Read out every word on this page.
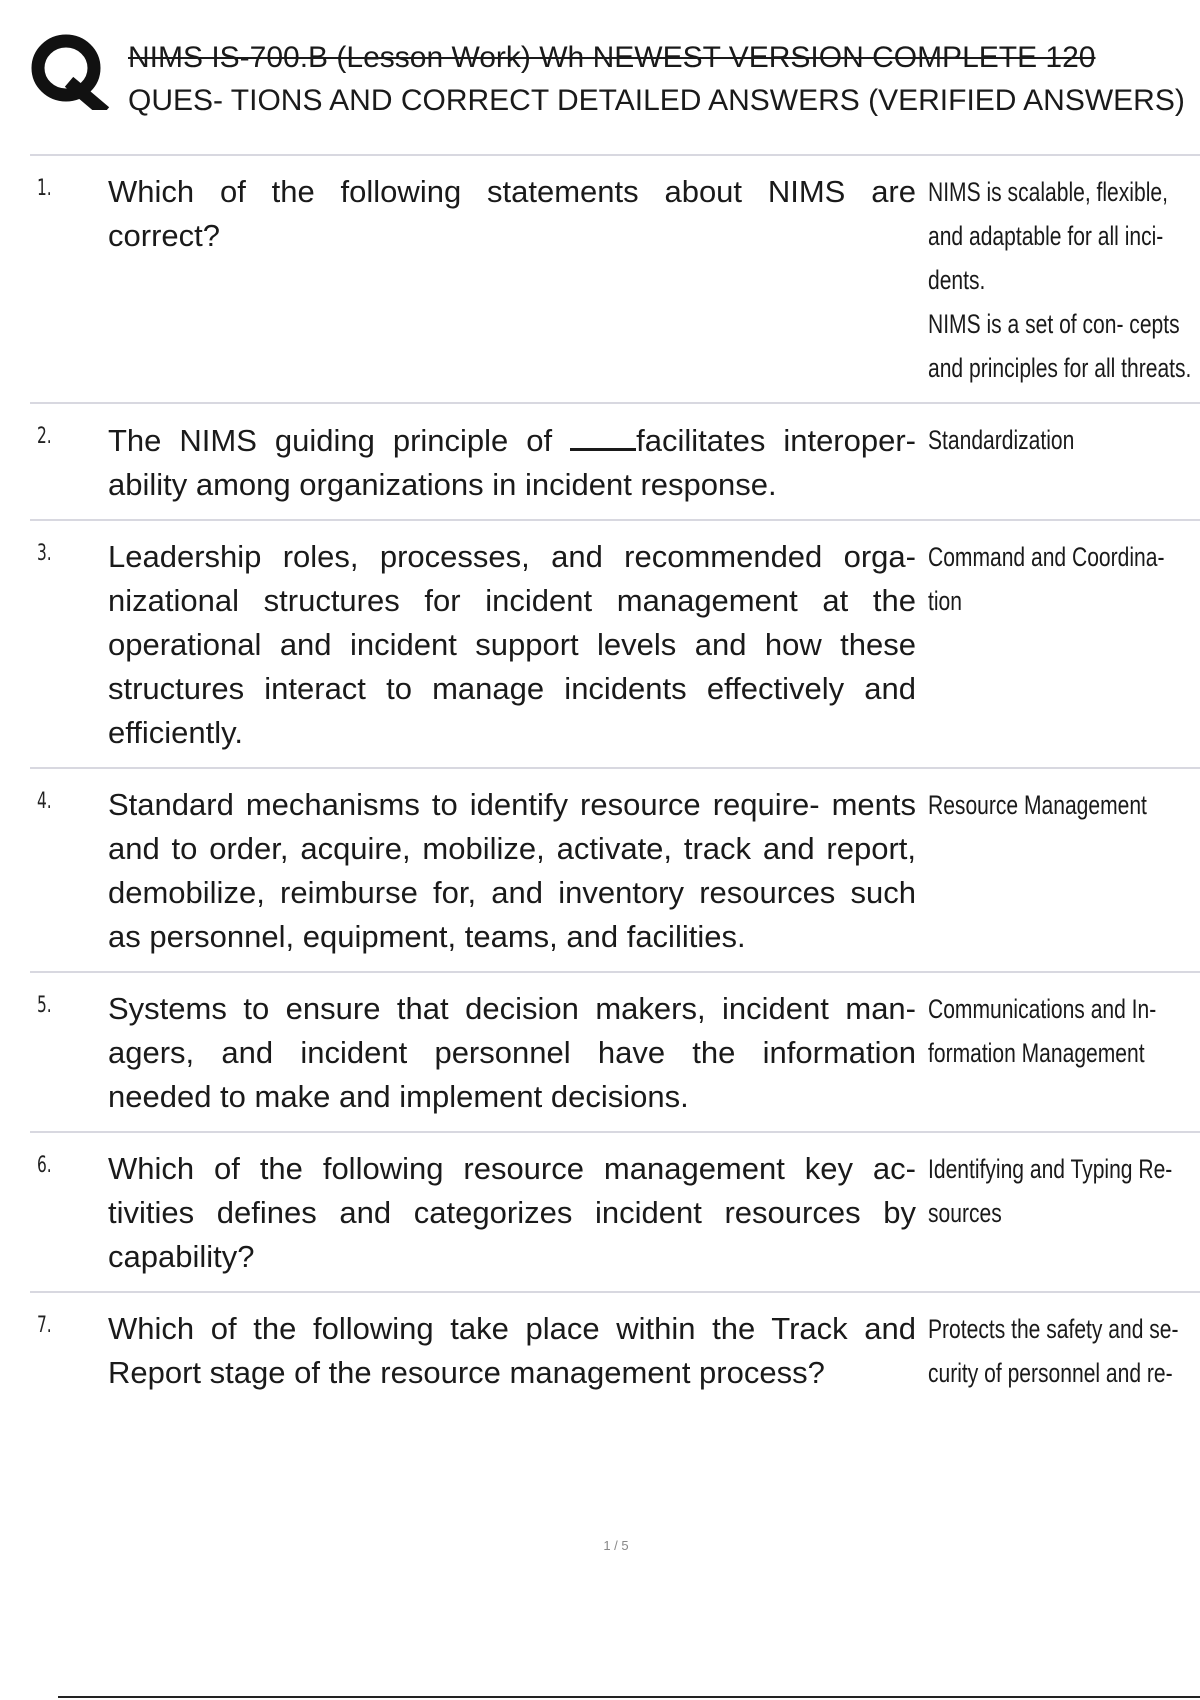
NIMS IS-700.B (Lesson Work) Wh NEWEST VERSION COMPLETE 120
QUES- TIONS AND CORRECT DETAILED ANSWERS (VERIFIED ANSWERS)
1.	Which of the following statements about NIMS are correct?
NIMS is scalable, flexible, and adaptable for all inci- dents.
NIMS is a set of con- cepts and principles for all threats.
2.	The NIMS guiding principle of facilitates interoper- ability among organizations in incident response.
Standardization
3.	Leadership roles, processes, and recommended orga- nizational structures for incident management at the operational and incident support levels and how these structures interact to manage incidents effectively and efficiently.
Command and Coordina- tion
4.	Standard mechanisms to identify resource require- ments and to order, acquire, mobilize, activate, track and report, demobilize, reimburse for, and inventory resources such as personnel, equipment, teams, and facilities.
Resource Management
5.	Systems to ensure that decision makers, incident man- agers, and incident personnel have the information needed to make and implement decisions.
Communications and In- formation Management
6.	Which of the following resource management key ac- tivities defines and categorizes incident resources by capability?
Identifying and Typing Re- sources
7.	Which of the following take place within the Track and Report stage of the resource management process?
Protects the safety and se- curity of personnel and re-
1 / 5
